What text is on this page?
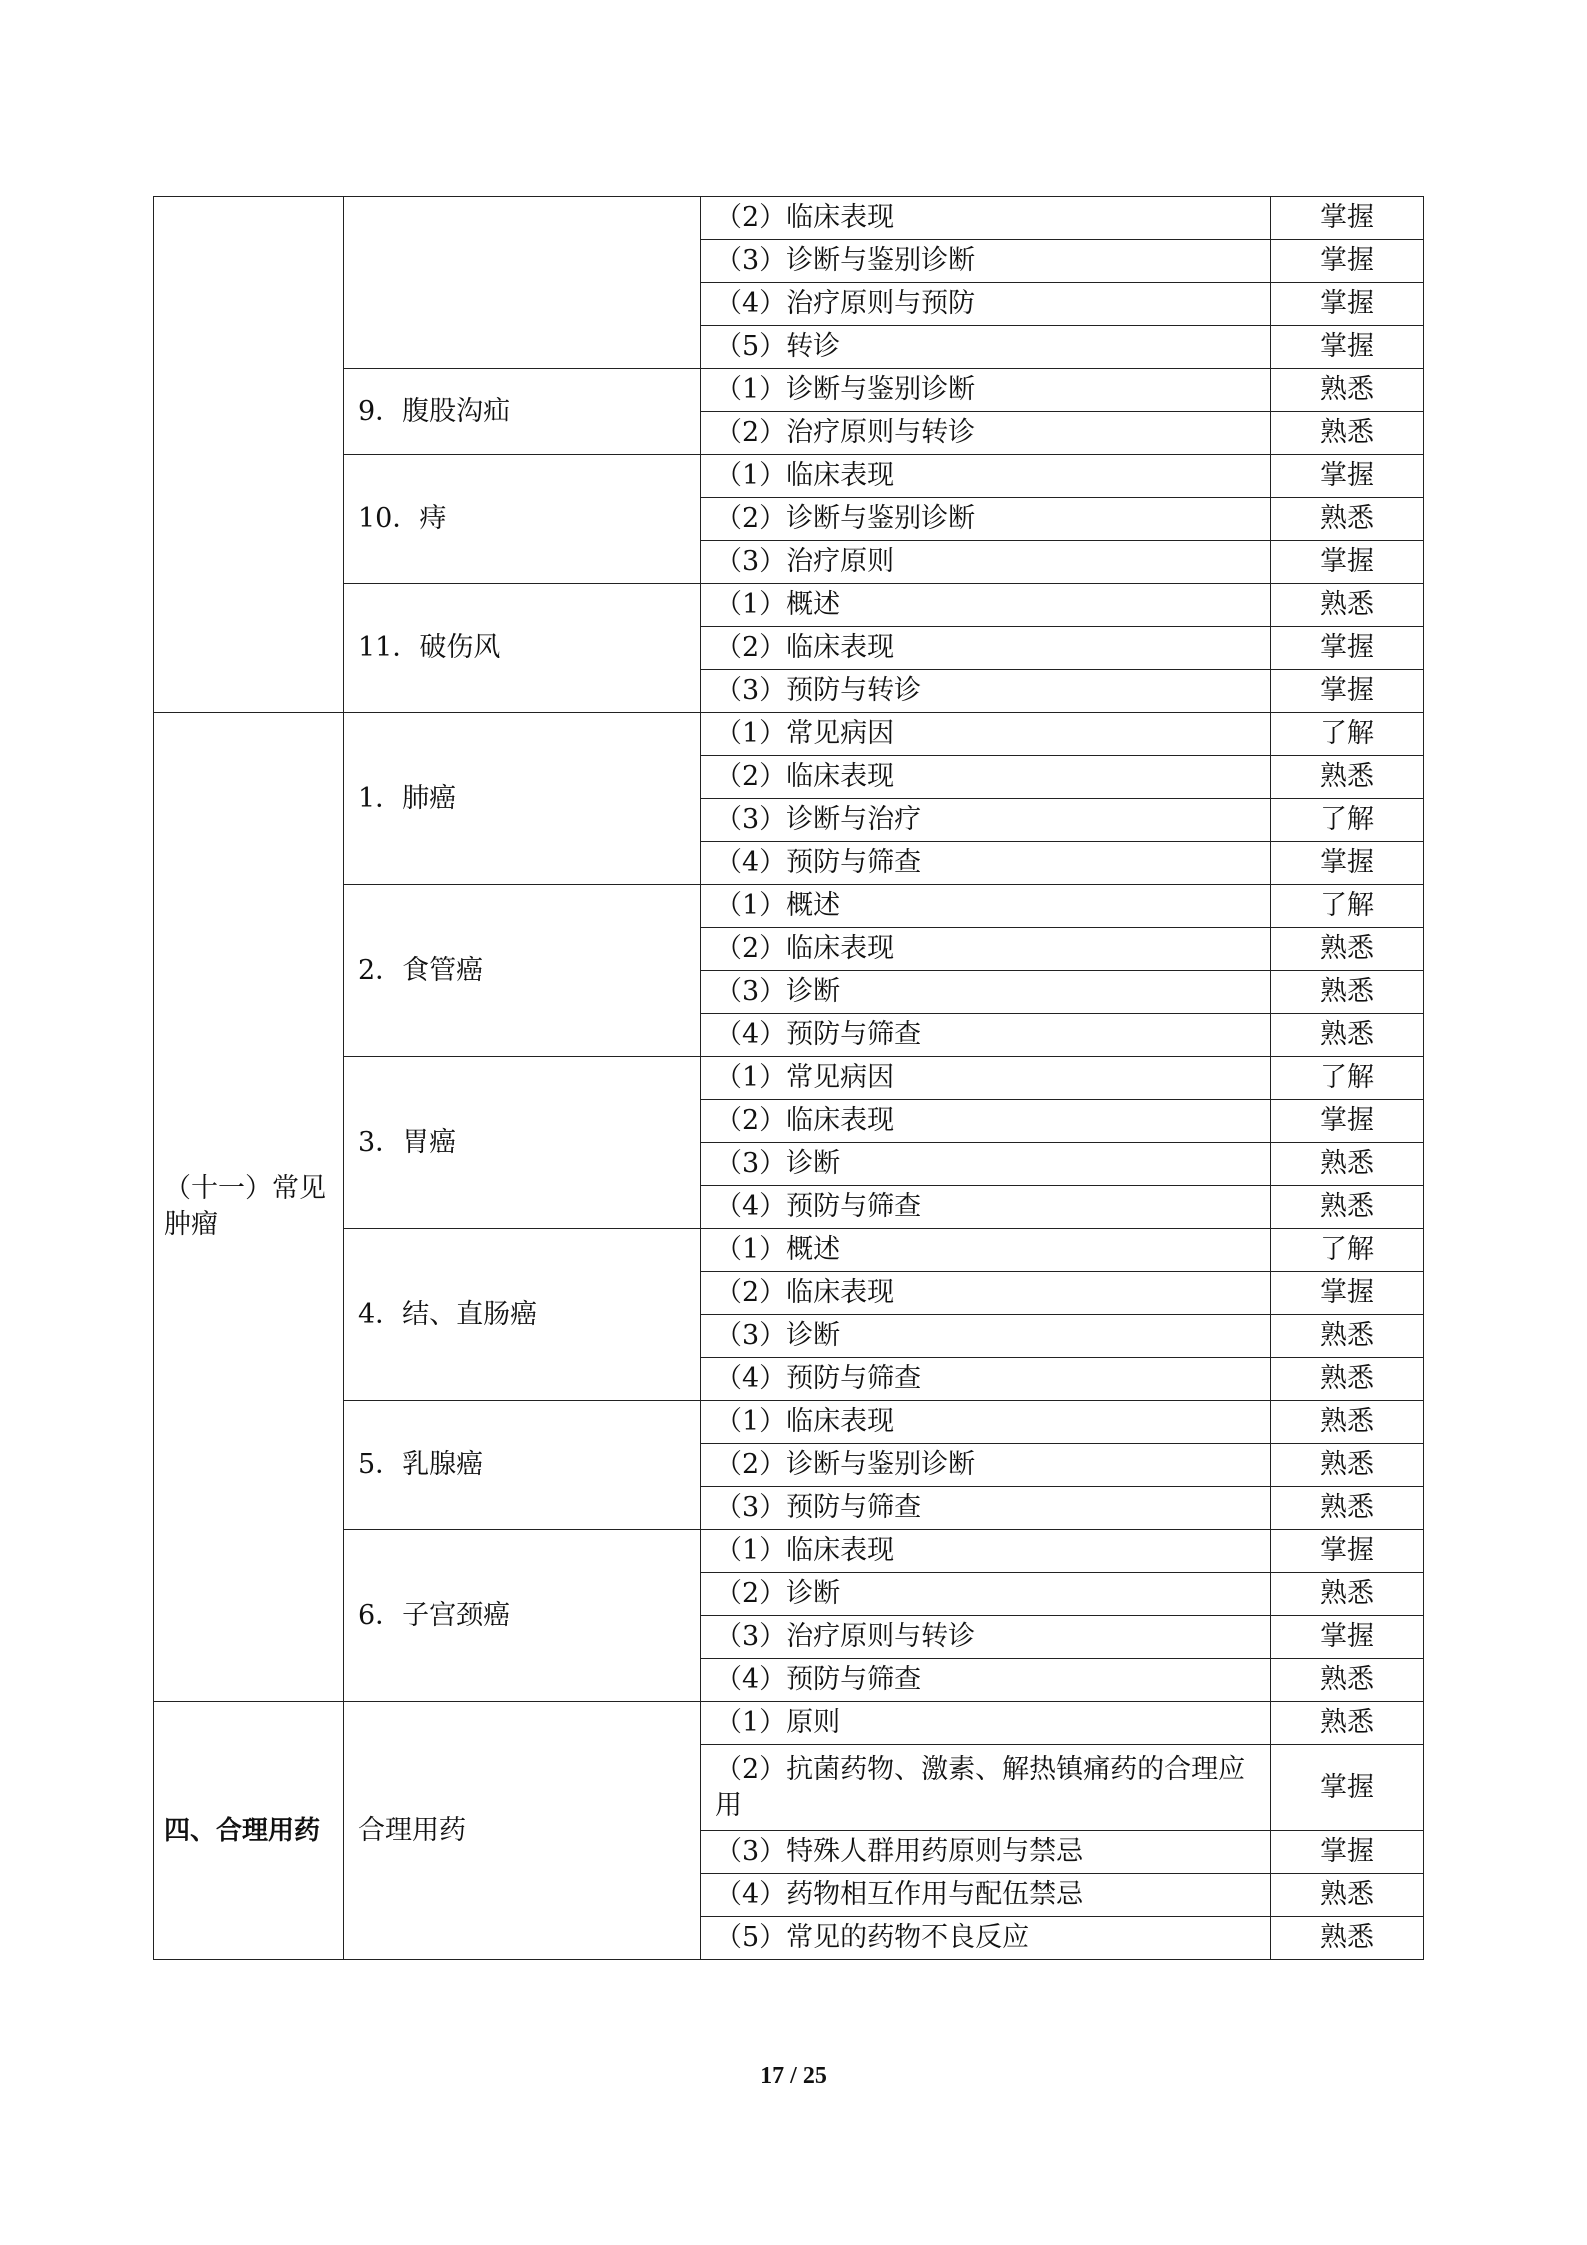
		（2）临床表现	掌握
		（3）诊断与鉴别诊断	掌握
		（4）治疗原则与预防	掌握
		（5）转诊	掌握
	9．腹股沟疝	（1）诊断与鉴别诊断	熟悉
		（2）治疗原则与转诊	熟悉
	10．痔	（1）临床表现	掌握
		（2）诊断与鉴别诊断	熟悉
		（3）治疗原则	掌握
	11．破伤风	（1）概述	熟悉
		（2）临床表现	掌握
		（3）预防与转诊	掌握
（十一）常见肿瘤	1．肺癌	（1）常见病因	了解
		（2）临床表现	熟悉
		（3）诊断与治疗	了解
		（4）预防与筛查	掌握
	2．食管癌	（1）概述	了解
		（2）临床表现	熟悉
		（3）诊断	熟悉
		（4）预防与筛查	熟悉
	3．胃癌	（1）常见病因	了解
		（2）临床表现	掌握
		（3）诊断	熟悉
		（4）预防与筛查	熟悉
	4．结、直肠癌	（1）概述	了解
		（2）临床表现	掌握
		（3）诊断	熟悉
		（4）预防与筛查	熟悉
	5．乳腺癌	（1）临床表现	熟悉
		（2）诊断与鉴别诊断	熟悉
		（3）预防与筛查	熟悉
	6．子宫颈癌	（1）临床表现	掌握
		（2）诊断	熟悉
		（3）治疗原则与转诊	掌握
		（4）预防与筛查	熟悉
四、合理用药	合理用药	（1）原则	熟悉
		（2）抗菌药物、激素、解热镇痛药的合理应用	掌握
		（3）特殊人群用药原则与禁忌	掌握
		（4）药物相互作用与配伍禁忌	熟悉
		（5）常见的药物不良反应	熟悉
17 / 25
